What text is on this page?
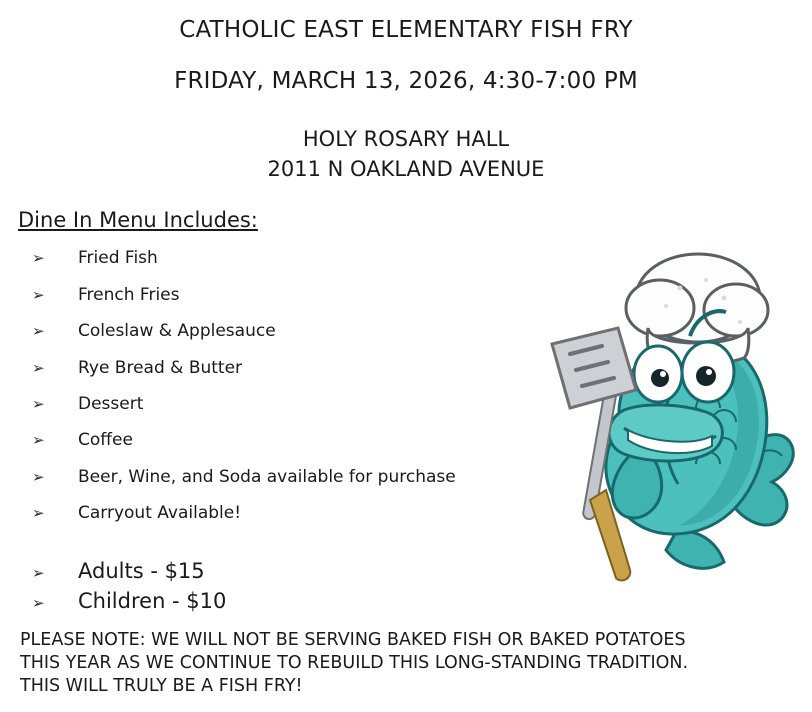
CATHOLIC EAST ELEMENTARY FISH FRY
FRIDAY, MARCH 13, 2026, 4:30-7:00 PM
HOLY ROSARY HALL
2011 N OAKLAND AVENUE
Dine In Menu Includes:
➢	Fried Fish
➢	French Fries
➢	Coleslaw & Applesauce
➢	Rye Bread & Butter
➢	Dessert
➢	Coffee
➢	Beer, Wine, and Soda available for purchase
➢	Carryout Available!
➢	Adults - $15
➢	Children - $10
PLEASE NOTE: WE WILL NOT BE SERVING BAKED FISH OR BAKED POTATOES
THIS YEAR AS WE CONTINUE TO REBUILD THIS LONG-STANDING TRADITION.
THIS WILL TRULY BE A FISH FRY!
